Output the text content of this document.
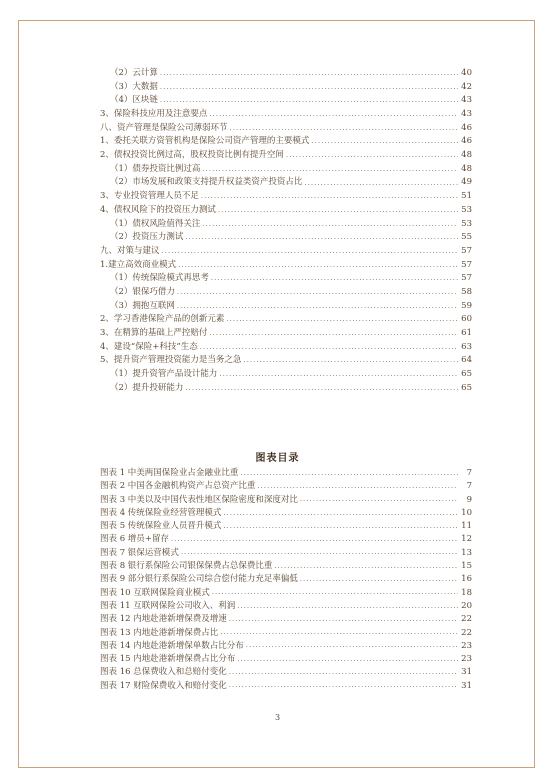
（2）云计算 .....	40
（3）大数据 .....	42
（4）区块链 .....	43
3、保险科技应用及注意要点 .....	43
八、资产管理是保险公司薄弱环节 .....	46
1、委托关联方资管机构是保险公司资产管理的主要模式 .....	46
2、债权投资比例过高，股权投资比例有提升空间 .....	48
（1）债券投资比例过高 .....	48
（2）市场发展和政策支持提升权益类资产投资占比 .....	49
3、专业投资管理人员不足 .....	51
4、债权风险下的投资压力测试 .....	53
（1）债权风险值得关注 .....	53
（2）投资压力测试 .....	55
九、对策与建议 .....	57
1.建立高效商业模式 .....	57
（1）传统保险模式再思考 .....	57
（2）银保巧借力 .....	58
（3）拥抱互联网 .....	59
2、学习香港保险产品的创新元素 .....	60
3、在精算的基础上严控赔付 .....	61
4、建设“保险+科技”生态 .....	63
5、提升资产管理投资能力是当务之急 .....	64
（1）提升资管产品设计能力 .....	65
（2）提升投研能力 .....	65
图表目录
图表 1 中美两国保险业占金融业比重 .....	7
图表 2 中国各金融机构资产占总资产比重 .....	7
图表 3 中美以及中国代表性地区保险密度和深度对比 .....	9
图表 4 传统保险业经营管理模式 .....	10
图表 5 传统保险业人员晋升模式 .....	11
图表 6 增员+留存 .....	12
图表 7 银保运营模式 .....	13
图表 8 银行系保险公司银保保费占总保费比重 .....	15
图表 9 部分银行系保险公司综合偿付能力充足率偏低 .....	16
图表 10 互联网保险商业模式 .....	18
图表 11 互联网保险公司收入、利润 .....	20
图表 12 内地赴港新增保费及增速 .....	22
图表 13 内地赴港新增保费占比 .....	22
图表 14 内地赴港新增保单数占比分布 .....	23
图表 15 内地赴港新增保费占比分布 .....	23
图表 16 总保费收入和总赔付变化 .....	31
图表 17 财险保费收入和赔付变化 .....	31
3
